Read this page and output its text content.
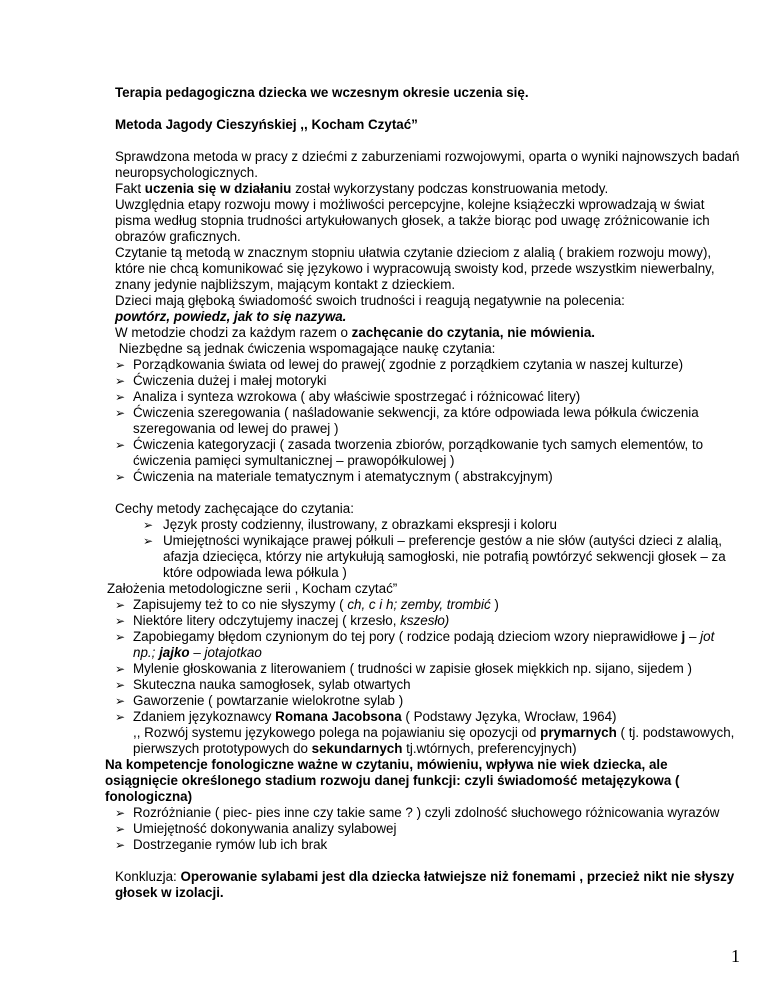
Terapia pedagogiczna dziecka we wczesnym okresie uczenia się.
Metoda Jagody Cieszyńskiej ,, Kocham Czytać”

Sprawdzona metoda w pracy z dziećmi z zaburzeniami rozwojowymi, oparta o wyniki najnowszych badań neuropsychologicznych.

Fakt uczenia się w działaniu został wykorzystany podczas konstruowania metody.

Uwzględnia etapy rozwoju mowy i możliwości percepcyjne, kolejne książeczki wprowadzają w świat pisma według stopnia trudności artykułowanych głosek, a także biorąc pod uwagę zróżnicowanie ich obrazów graficznych.

Czytanie tą metodą w znacznym stopniu ułatwia czytanie dzieciom z alalią ( brakiem rozwoju mowy), które nie chcą komunikować się językowo i wypracowują swoisty kod, przede wszystkim niewerbalny, znany jedynie najbliższym, mającym kontakt z dzieckiem.

Dzieci mają głęboką świadomość swoich trudności i reagują negatywnie na polecenia:

powtórz, powiedz, jak to się nazywa.

W metodzie chodzi za każdym razem o zachęcanie do czytania, nie mówienia.

Niezbędne są jednak ćwiczenia wspomagające naukę czytania:

➢ Porządkowania świata od lewej do prawej( zgodnie z porządkiem czytania w naszej kulturze)
➢ Ćwiczenia dużej i małej motoryki
➢ Analiza i synteza wzrokowa ( aby właściwie spostrzegać i różnicować litery)
➢ Ćwiczenia szeregowania ( naśladowanie sekwencji, za które odpowiada lewa półkula ćwiczenia szeregowania od lewej do prawej )
➢ Ćwiczenia kategoryzacji ( zasada tworzenia zbiorów, porządkowanie tych samych elementów, to ćwiczenia pamięci symultanicznej – prawopółkulowej )
➢ Ćwiczenia na materiale tematycznym i atematycznym ( abstrakcyjnym)

Cechy metody zachęcające do czytania:

➢ Język prosty codzienny, ilustrowany, z obrazkami ekspresji i koloru
➢ Umiejętności wynikające prawej półkuli – preferencje gestów a nie słów (autyści dzieci z alalią, afazja dziecięca, którzy nie artykułują samogłoski, nie potrafią powtórzyć sekwencji głosek – za które odpowiada lewa półkula )

Założenia metodologiczne serii , Kocham czytać”

➢ Zapisujemy też to co nie słyszymy ( ch, c i h; zemby, trombić )
➢ Niektóre litery odczytujemy inaczej ( krzesło, kszesło)
➢ Zapobiegamy błędom czynionym do tej pory ( rodzice podają dzieciom wzory nieprawidłowe j – jot np.; jajko – jotajotkao
➢ Mylenie głoskowania z literowaniem ( trudności w zapisie głosek miękkich np. sijano, sijedem )
➢ Skuteczna nauka samogłosek, sylab otwartych
➢ Gaworzenie ( powtarzanie wielokrotne sylab )
➢ Zdaniem językoznawcy Romana Jacobsona ( Podstawy Języka, Wrocław, 1964)
,, Rozwój systemu językowego polega na pojawianiu się opozycji od prymarnych ( tj. podstawowych, pierwszych prototypowych do sekundarnych tj.wtórnych, preferencyjnych)

Na kompetencje fonologiczne ważne w czytaniu, mówieniu, wpływa nie wiek dziecka, ale osiągnięcie określonego stadium rozwoju danej funkcji: czyli świadomość metajęzykowa ( fonologiczna)

➢ Rozróżnianie ( piec- pies inne czy takie same ? ) czyli zdolność słuchowego różnicowania wyrazów
➢ Umiejętność dokonywania analizy sylabowej
➢ Dostrzeganie rymów lub ich brak

Konkluzja: Operowanie sylabami jest dla dziecka łatwiejsze niż fonemami , przecież nikt nie słyszy głosek w izolacji.

1
